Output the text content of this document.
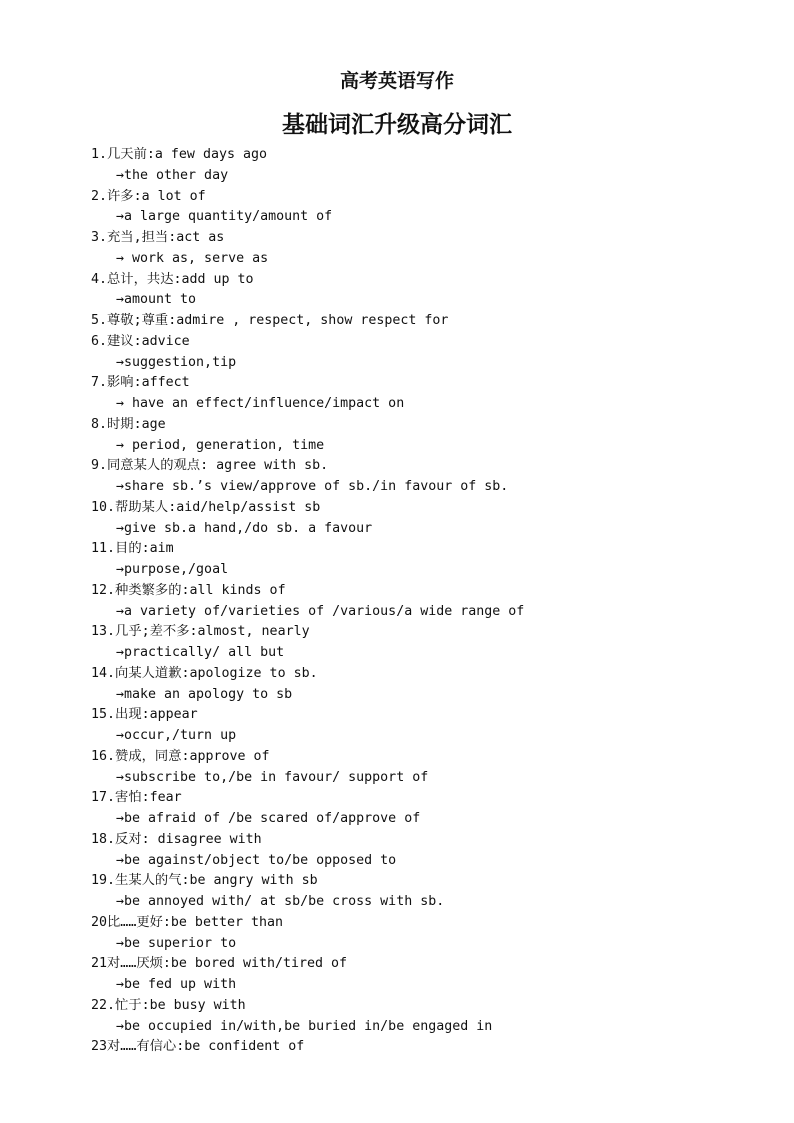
高考英语写作
基础词汇升级高分词汇
1.几天前:a few days ago
→the other day
2.许多:a lot of
→a large quantity/amount of
3.充当,担当:act as
→ work as, serve as
4.总计，共达:add up to
→amount to
5.尊敬;尊重:admire , respect, show respect for
6.建议:advice
→suggestion,tip
7.影响:affect
→ have an effect/influence/impact on
8.时期:age
→ period, generation, time
9.同意某人的观点: agree with sb.
→share sb.’s view/approve of sb./in favour of sb.
10.帮助某人:aid/help/assist sb
→give sb.a hand,/do sb. a favour
11.目的:aim
→purpose,/goal
12.种类繁多的:all kinds of
→a variety of/varieties of /various/a wide range of
13.几乎;差不多:almost, nearly
→practically/ all but
14.向某人道歉:apologize to sb.
→make an apology to sb
15.出现:appear
→occur,/turn up
16.赞成，同意:approve of
→subscribe to,/be in favour/ support of
17.害怕:fear
→be afraid of /be scared of/approve of
18.反对: disagree with
→be against/object to/be opposed to
19.生某人的气:be angry with sb
→be annoyed with/ at sb/be cross with sb.
20比……更好:be better than
→be superior to
21对……厌烦:be bored with/tired of
→be fed up with
22.忙于:be busy with
→be occupied in/with,be buried in/be engaged in
23对……有信心:be confident of
